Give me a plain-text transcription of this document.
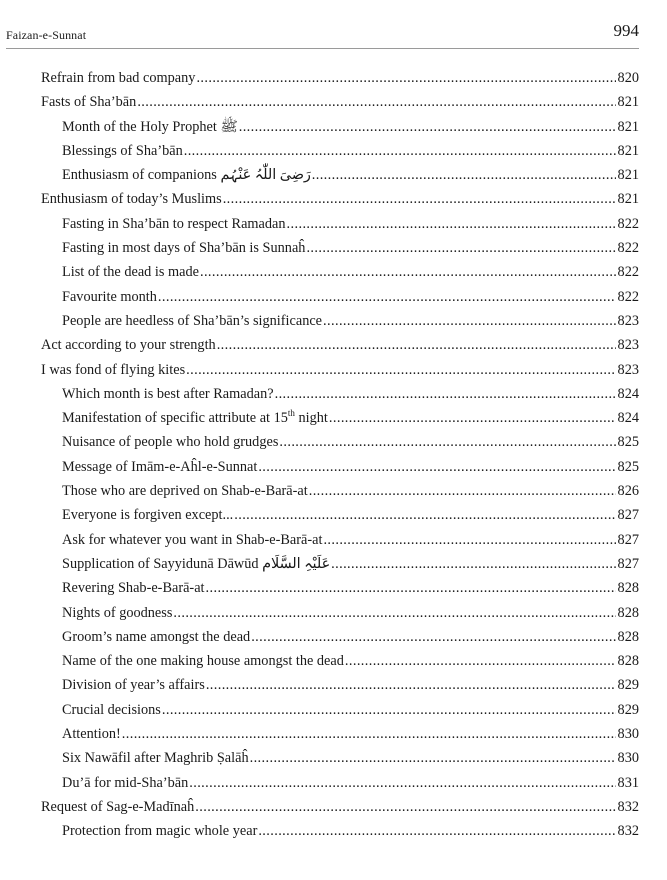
Faizan-e-Sunnat	994
Refrain from bad company .....	820
Fasts of Sha’bān .....	821
Month of the Holy Prophet ﷺ .....	821
Blessings of Sha’bān .....	821
Enthusiasm of companions رَضِیَ اللّٰہُ عَنْہُم .....	821
Enthusiasm of today’s Muslims .....	821
Fasting in Sha’bān to respect Ramadan .....	822
Fasting in most days of Sha’bān is Sunnaĥ .....	822
List of the dead is made .....	822
Favourite month .....	822
People are heedless of Sha’bān’s significance .....	823
Act according to your strength .....	823
I was fond of flying kites .....	823
Which month is best after Ramadan? .....	824
Manifestation of specific attribute at 15th night .....	824
Nuisance of people who hold grudges .....	825
Message of Imām-e-Aĥl-e-Sunnat .....	825
Those who are deprived on Shab-e-Barā-at .....	826
Everyone is forgiven except... .....	827
Ask for whatever you want in Shab-e-Barā-at .....	827
Supplication of Sayyidunā Dāwūd عَلَیْہِ السَّلَام .....	827
Revering Shab-e-Barā-at .....	828
Nights of goodness .....	828
Groom’s name amongst the dead .....	828
Name of the one making house amongst the dead .....	828
Division of year’s affairs .....	829
Crucial decisions .....	829
Attention! .....	830
Six Nawāfil after Maghrib Ṣalāĥ .....	830
Du’ā for mid-Sha’bān .....	831
Request of Sag-e-Madīnaĥ .....	832
Protection from magic whole year .....	832
